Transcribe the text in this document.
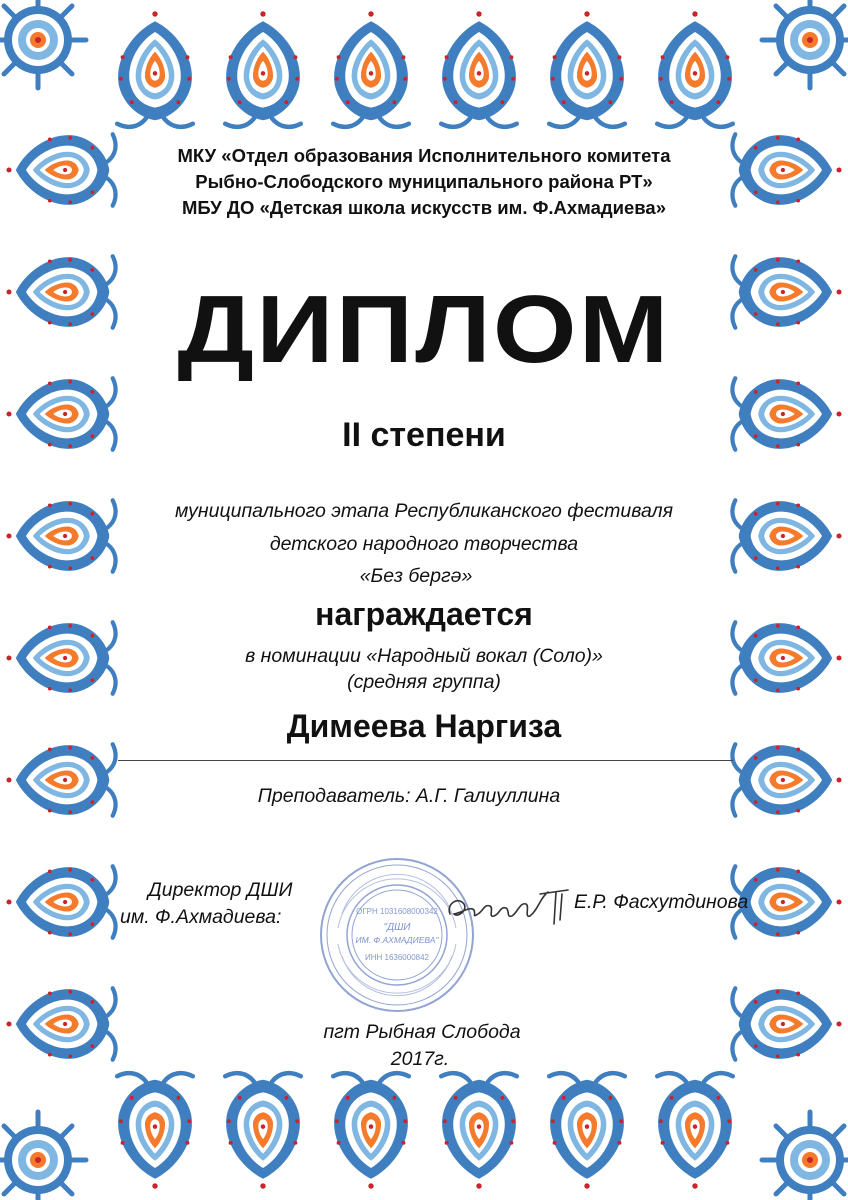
МКУ «Отдел образования Исполнительного комитета
Рыбно-Слободского муниципального района РТ»
МБУ ДО «Детская школа искусств им. Ф.Ахмадиева»
ДИПЛОМ
II степени
муниципального этапа Республиканского фестиваля
детского народного творчества
«Без бергә»
награждается
в номинации «Народный вокал (Соло)»
(средняя группа)
Димеева Наргиза
Преподаватель: А.Г. Галиуллина
Директор ДШИ
им. Ф.Ахмадиева:
Е.Р. Фасхутдинова
ОГРН 1031608000342
"ДШИ
ИМ. Ф.АХМАДИЕВА"
ИНН 1636000842
пгт Рыбная Слобода
2017г.
